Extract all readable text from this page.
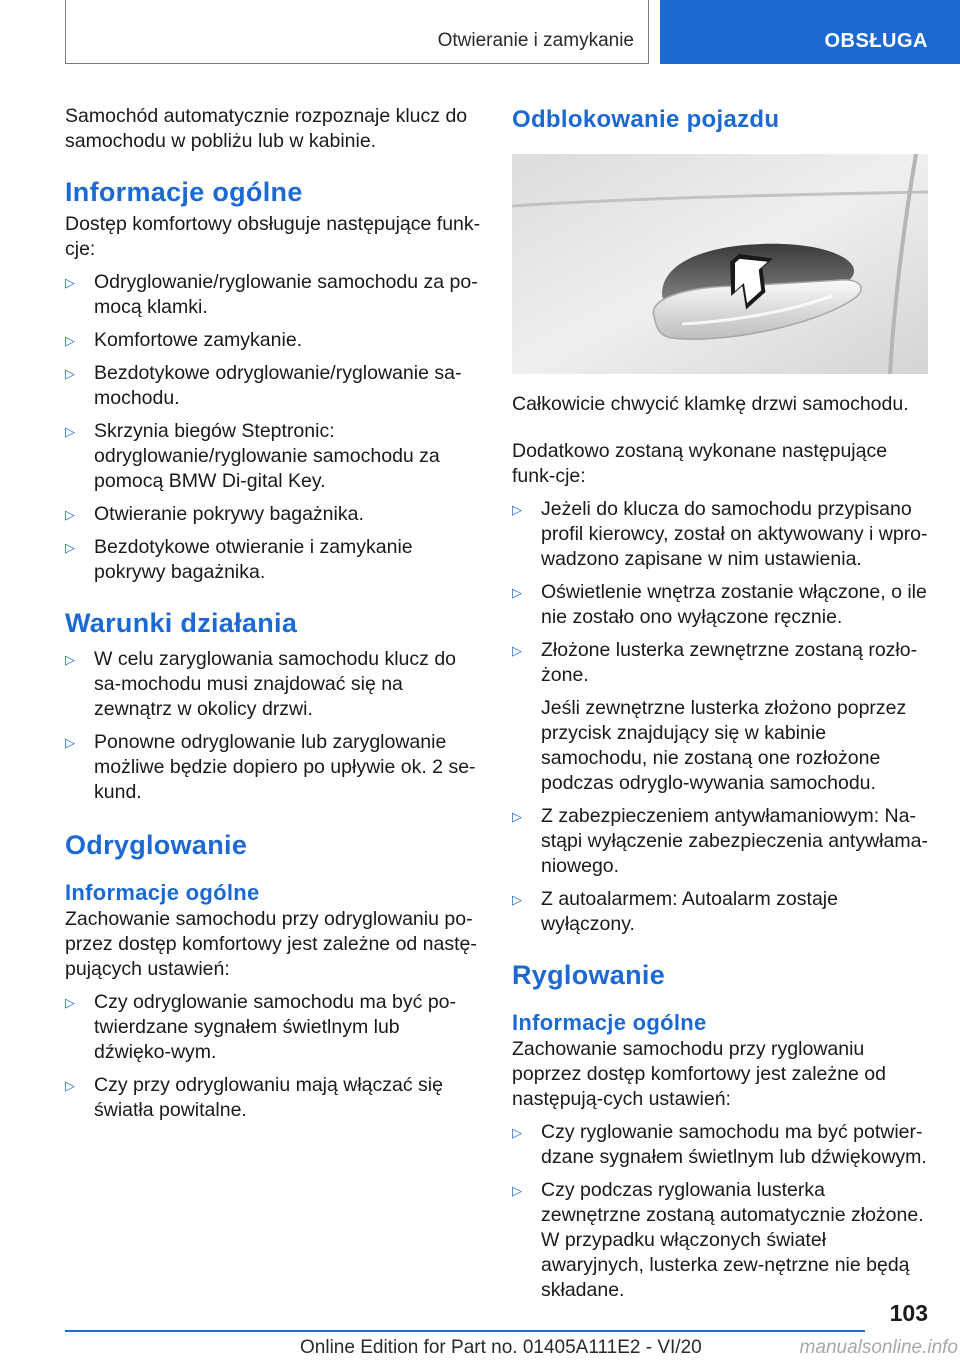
Otwieranie i zamykanie	OBSŁUGA

Samochód automatycznie rozpoznaje klucz do samochodu w pobliżu lub w kabinie.

Informacje ogólne

Dostęp komfortowy obsługuje następujące funk-cje:

▷ Odryglowanie/ryglowanie samochodu za po-mocą klamki.
▷ Komfortowe zamykanie.
▷ Bezdotykowe odryglowanie/ryglowanie sa-mochodu.
▷ Skrzynia biegów Steptronic: odryglowanie/ryglowanie samochodu za pomocą BMW Di-gital Key.
▷ Otwieranie pokrywy bagażnika.
▷ Bezdotykowe otwieranie i zamykanie pokrywy bagażnika.
Warunki działania
▷ W celu zaryglowania samochodu klucz do sa-mochodu musi znajdować się na zewnątrz w okolicy drzwi.
▷ Ponowne odryglowanie lub zaryglowanie możliwe będzie dopiero po upływie ok. 2 se-kund.
Odryglowanie
Informacje ogólne

Zachowanie samochodu przy odryglowaniu po-przez dostęp komfortowy jest zależne od nastę-pujących ustawień:

▷ Czy odryglowanie samochodu ma być po-twierdzane sygnałem świetlnym lub dźwięko-wym.
▷ Czy przy odryglowaniu mają włączać się światła powitalne.
Odblokowanie pojazdu

Całkowicie chwycić klamkę drzwi samochodu.

Dodatkowo zostaną wykonane następujące funk-cje:

▷ Jeżeli do klucza do samochodu przypisano profil kierowcy, został on aktywowany i wpro-wadzono zapisane w nim ustawienia.
▷ Oświetlenie wnętrza zostanie włączone, o ile nie zostało ono wyłączone ręcznie.
▷ Złożone lusterka zewnętrzne zostaną rozło-żone.
Jeśli zewnętrzne lusterka złożono poprzez przycisk znajdujący się w kabinie samochodu, nie zostaną one rozłożone podczas odryglo-wywania samochodu.
▷ Z zabezpieczeniem antywłamaniowym: Na-stąpi wyłączenie zabezpieczenia antywłama-niowego.
▷ Z autoalarmem: Autoalarm zostaje wyłączony.
Ryglowanie
Informacje ogólne

Zachowanie samochodu przy ryglowaniu poprzez dostęp komfortowy jest zależne od następują-cych ustawień:

▷ Czy ryglowanie samochodu ma być potwier-dzane sygnałem świetlnym lub dźwiękowym.
▷ Czy podczas ryglowania lusterka zewnętrzne zostaną automatycznie złożone. W przypadku włączonych świateł awaryjnych, lusterka zew-nętrzne nie będą składane.
103
Online Edition for Part no. 01405A111E2 - VI/20	manualsonline.info
